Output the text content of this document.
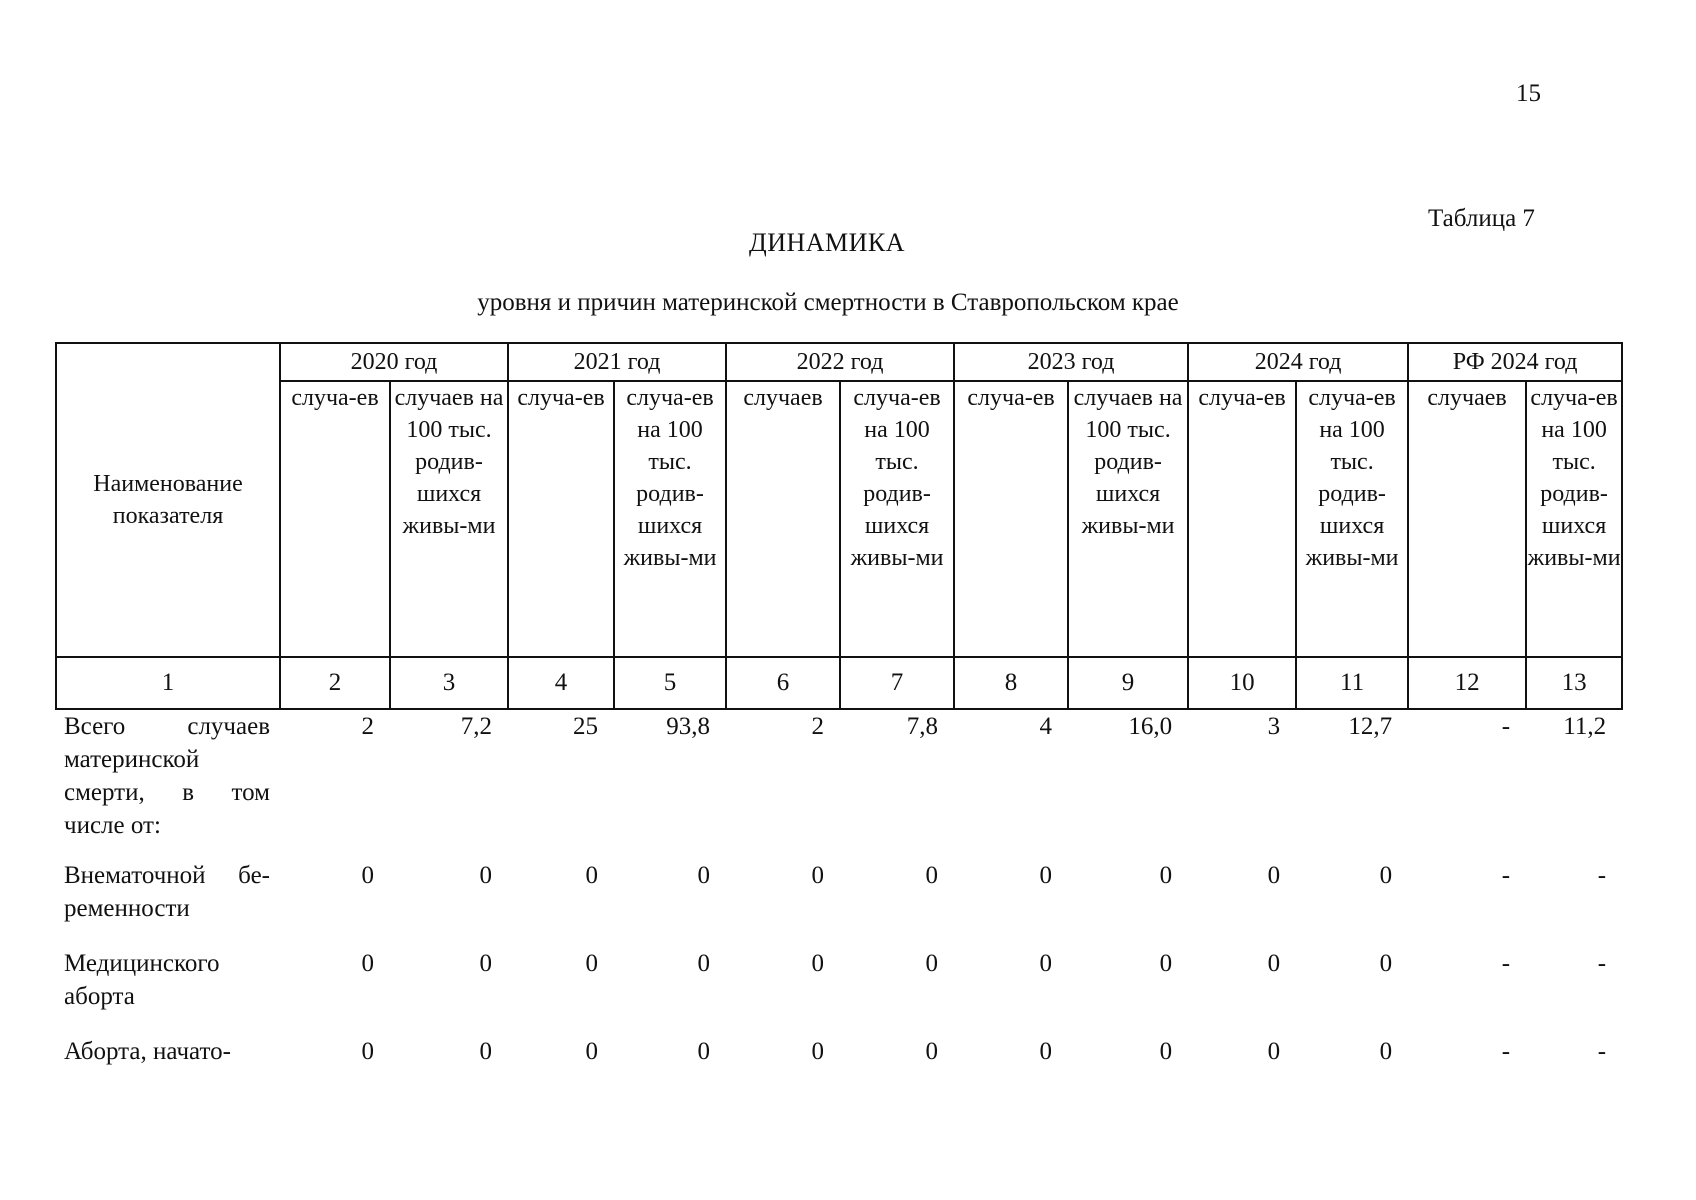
15
Таблица 7
ДИНАМИКА
уровня и причин материнской смертности в Ставропольском крае
Наименование показателя	2020 год		2021 год		2022 год		2023 год		2024 год		РФ 2024 год	
	случа-ев	случаев на 100 тыс. родив-шихся живы-ми	случа-ев	случа-ев на 100 тыс. родив-шихся живы-ми	случаев	случа-ев на 100 тыс. родив-шихся живы-ми	случа-ев	случаев на 100 тыс. родив-шихся живы-ми	случа-ев	случа-ев на 100 тыс. родив-шихся живы-ми	случаев	случа-ев на 100 тыс. родив-шихся живы-ми
1	2	3	4	5	6	7	8	9	10	11	12	13
Всего случаев материнской смерти, в том числе от:	2	7,2	25	93,8	2	7,8	4	16,0	3	12,7	-	11,2
Внематочной бе-ременности	0	0	0	0	0	0	0	0	0	0	-	-
Медицинского аборта	0	0	0	0	0	0	0	0	0	0	-	-
Аборта, начато-	0	0	0	0	0	0	0	0	0	0	-	-
